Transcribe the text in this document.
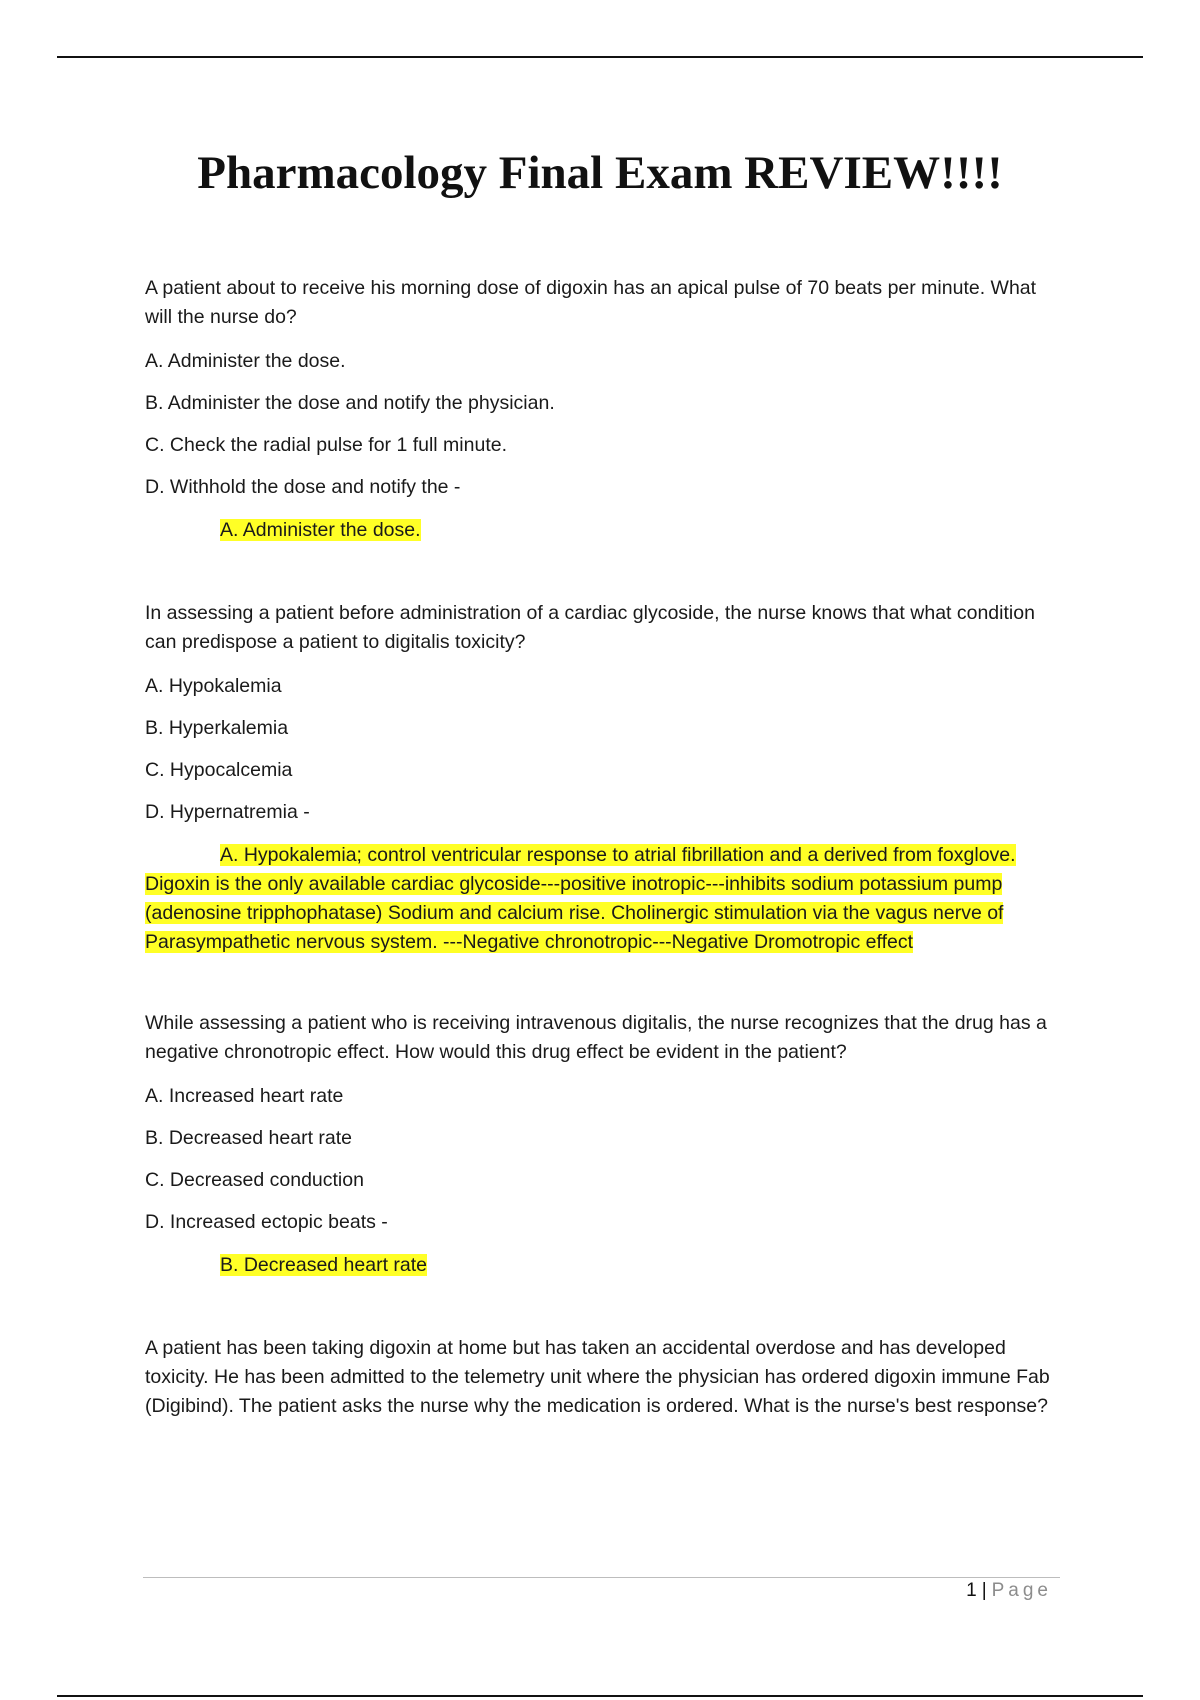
Pharmacology Final Exam REVIEW!!!!

A patient about to receive his morning dose of digoxin has an apical pulse of 70 beats per minute. What will the nurse do?

A. Administer the dose.

B. Administer the dose and notify the physician.

C. Check the radial pulse for 1 full minute.

D. Withhold the dose and notify the -

A. Administer the dose.

In assessing a patient before administration of a cardiac glycoside, the nurse knows that what condition can predispose a patient to digitalis toxicity?

A. Hypokalemia

B. Hyperkalemia

C. Hypocalcemia

D. Hypernatremia -

A. Hypokalemia; control ventricular response to atrial fibrillation and a derived from foxglove. Digoxin is the only available cardiac glycoside---positive inotropic---inhibits sodium potassium pump (adenosine tripphophatase) Sodium and calcium rise. Cholinergic stimulation via the vagus nerve of Parasympathetic nervous system. ---Negative chronotropic---Negative Dromotropic effect

While assessing a patient who is receiving intravenous digitalis, the nurse recognizes that the drug has a negative chronotropic effect. How would this drug effect be evident in the patient?

A. Increased heart rate

B. Decreased heart rate

C. Decreased conduction

D. Increased ectopic beats -

B. Decreased heart rate

A patient has been taking digoxin at home but has taken an accidental overdose and has developed toxicity. He has been admitted to the telemetry unit where the physician has ordered digoxin immune Fab (Digibind). The patient asks the nurse why the medication is ordered. What is the nurse's best response?

1 | Page
